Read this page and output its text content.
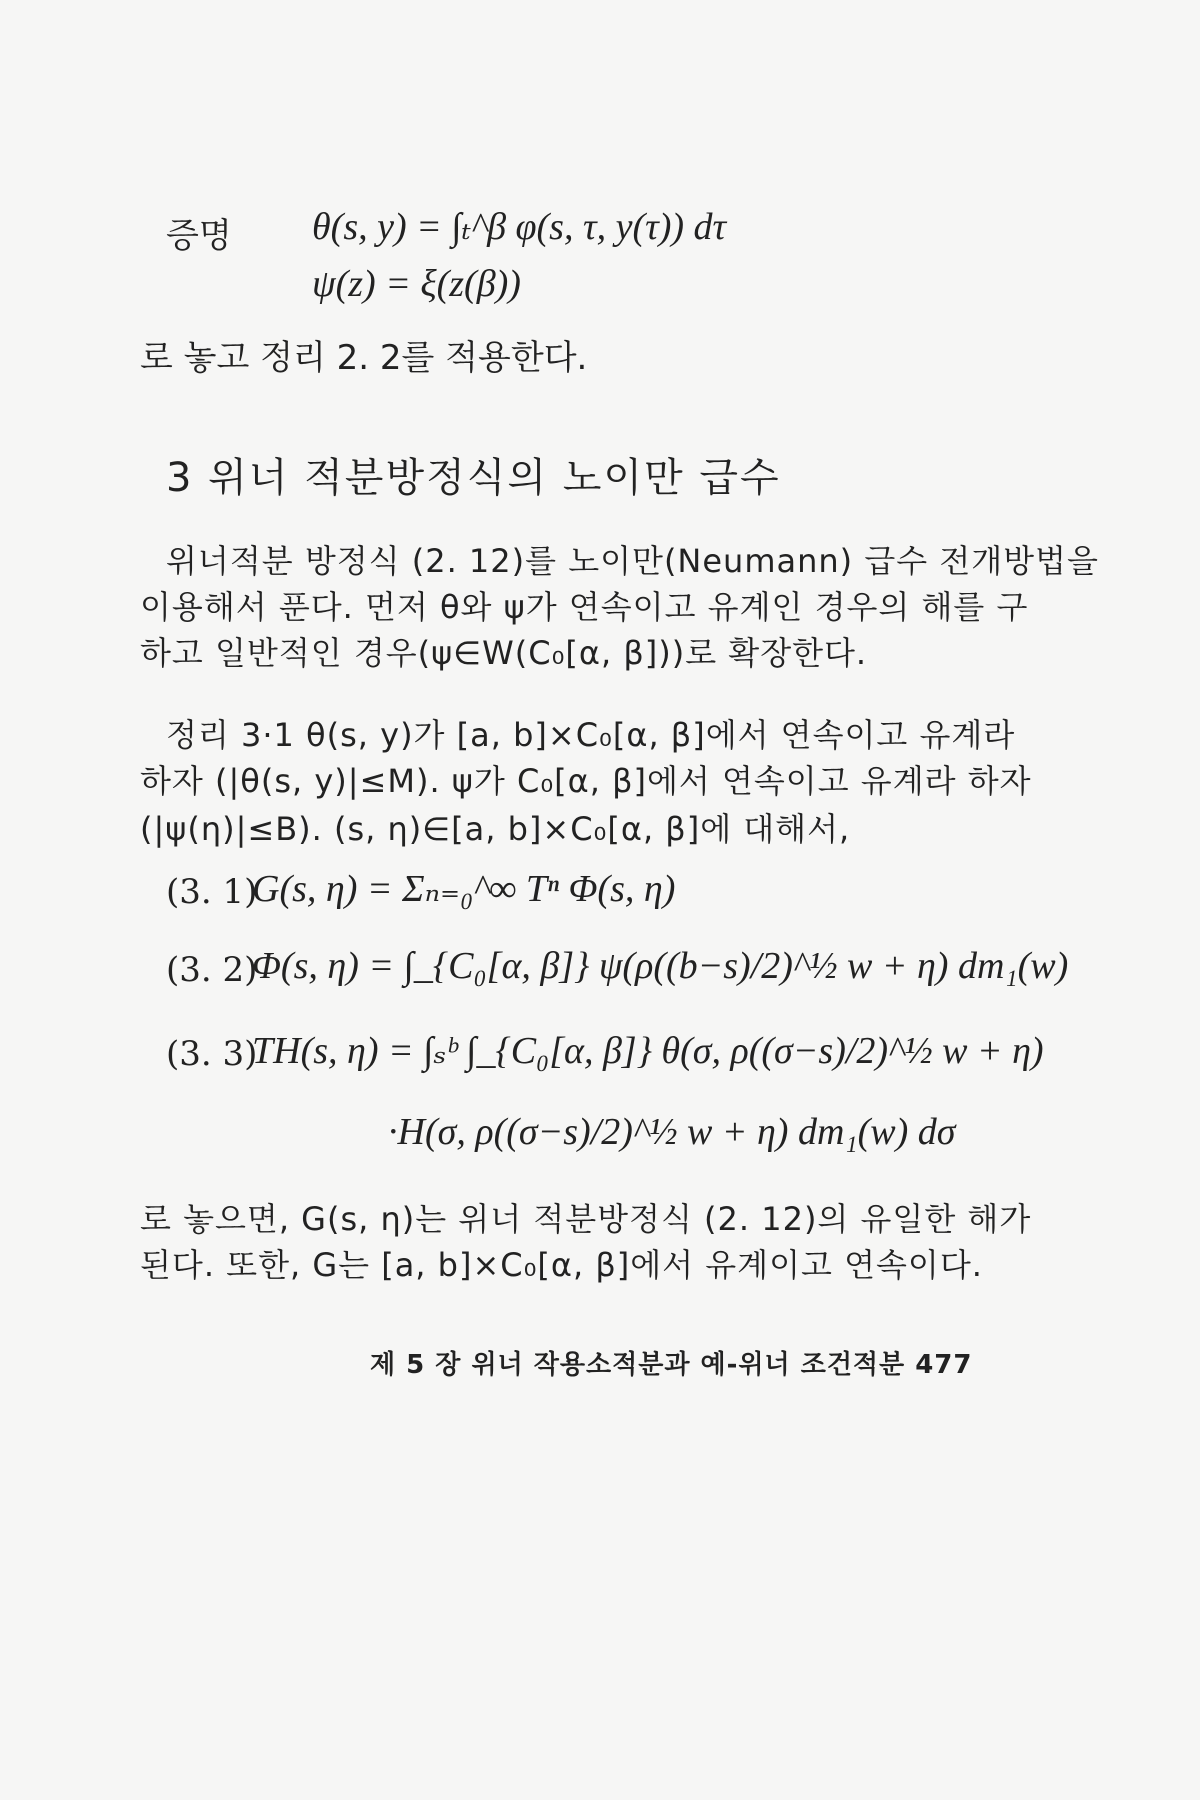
증명 θ(s, y) = ∫ₜ^β φ(s, τ, y(τ)) dτ
ψ(z) = ξ(z(β))
로 놓고 정리 2. 2를 적용한다.
3 위너 적분방정식의 노이만 급수
위너적분 방정식 (2. 12)를 노이만(Neumann) 급수 전개방법을
이용해서 푼다. 먼저 θ와 ψ가 연속이고 유계인 경우의 해를 구
하고 일반적인 경우(ψ∈W(C₀[α, β]))로 확장한다.
정리 3·1 θ(s, y)가 [a, b]×C₀[α, β]에서 연속이고 유계라
하자 (|θ(s, y)|≤M). ψ가 C₀[α, β]에서 연속이고 유계라 하자
(|ψ(η)|≤B). (s, η)∈[a, b]×C₀[α, β]에 대해서,
(3. 1)
G(s, η) = Σₙ₌₀^∞ Tⁿ Φ(s, η)
(3. 2)
Φ(s, η) = ∫_{C₀[α, β]} ψ(ρ((b−s)/2)^½ w + η) dm₁(w)
(3. 3)
TH(s, η) = ∫ₛᵇ ∫_{C₀[α, β]} θ(σ, ρ((σ−s)/2)^½ w + η)
·H(σ, ρ((σ−s)/2)^½ w + η) dm₁(w) dσ
로 놓으면, G(s, η)는 위너 적분방정식 (2. 12)의 유일한 해가
된다. 또한, G는 [a, b]×C₀[α, β]에서 유계이고 연속이다.
제 5 장 위너 작용소적분과 예-위너 조건적분 477
